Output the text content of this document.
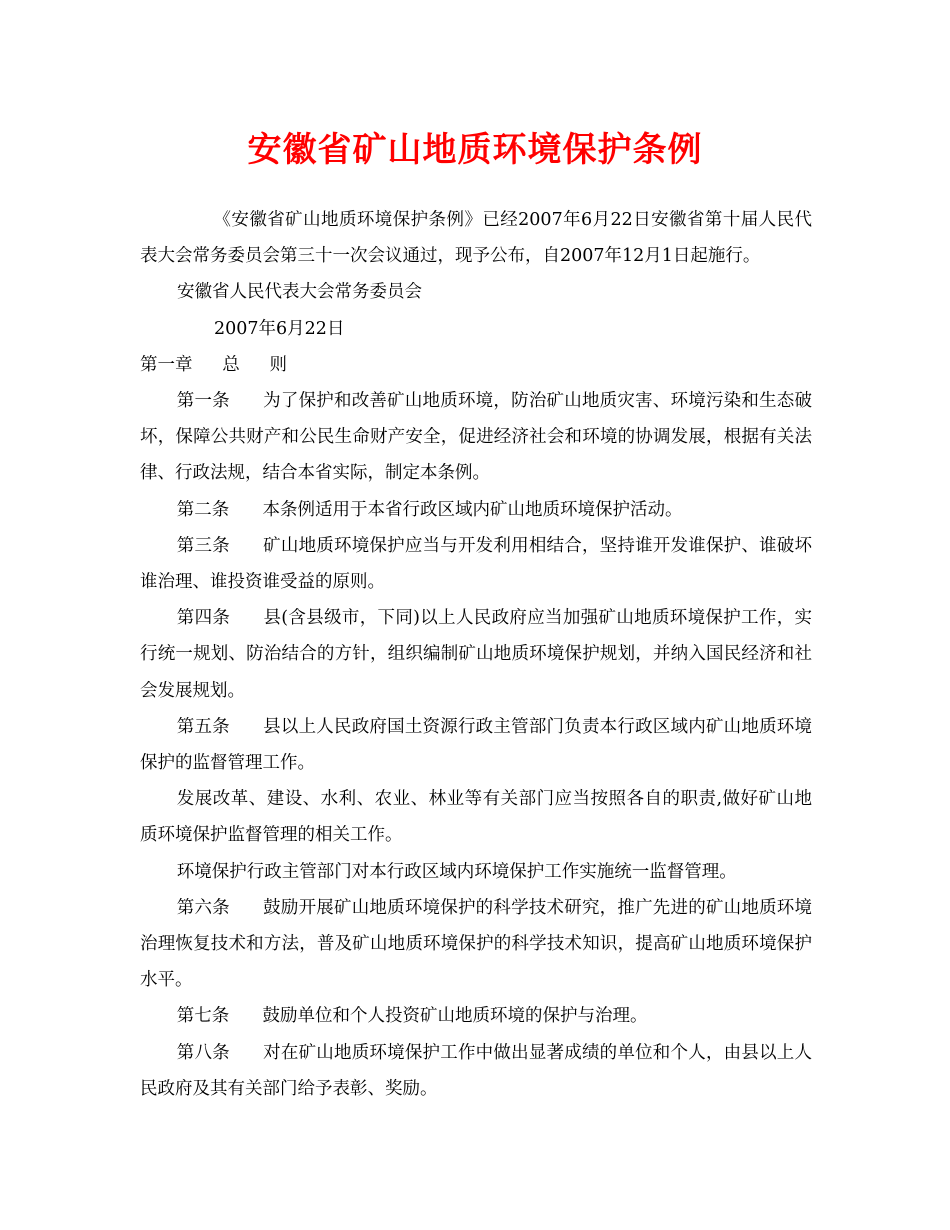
安徽省矿山地质环境保护条例

《安徽省矿山地质环境保护条例》已经2007年6月22日安徽省第十届人民代表大会常务委员会第三十一次会议通过，现予公布，自2007年12月1日起施行。

安徽省人民代表大会常务委员会

2007年6月22日

第一章 总 则

第一条 为了保护和改善矿山地质环境，防治矿山地质灾害、环境污染和生态破坏，保障公共财产和公民生命财产安全，促进经济社会和环境的协调发展，根据有关法律、行政法规，结合本省实际，制定本条例。

第二条 本条例适用于本省行政区域内矿山地质环境保护活动。

第三条 矿山地质环境保护应当与开发利用相结合，坚持谁开发谁保护、谁破坏谁治理、谁投资谁受益的原则。

第四条 县(含县级市，下同)以上人民政府应当加强矿山地质环境保护工作，实行统一规划、防治结合的方针，组织编制矿山地质环境保护规划，并纳入国民经济和社会发展规划。

第五条 县以上人民政府国土资源行政主管部门负责本行政区域内矿山地质环境保护的监督管理工作。

发展改革、建设、水利、农业、林业等有关部门应当按照各自的职责,做好矿山地质环境保护监督管理的相关工作。

环境保护行政主管部门对本行政区域内环境保护工作实施统一监督管理。

第六条 鼓励开展矿山地质环境保护的科学技术研究，推广先进的矿山地质环境治理恢复技术和方法，普及矿山地质环境保护的科学技术知识，提高矿山地质环境保护水平。

第七条 鼓励单位和个人投资矿山地质环境的保护与治理。

第八条 对在矿山地质环境保护工作中做出显著成绩的单位和个人，由县以上人民政府及其有关部门给予表彰、奖励。
